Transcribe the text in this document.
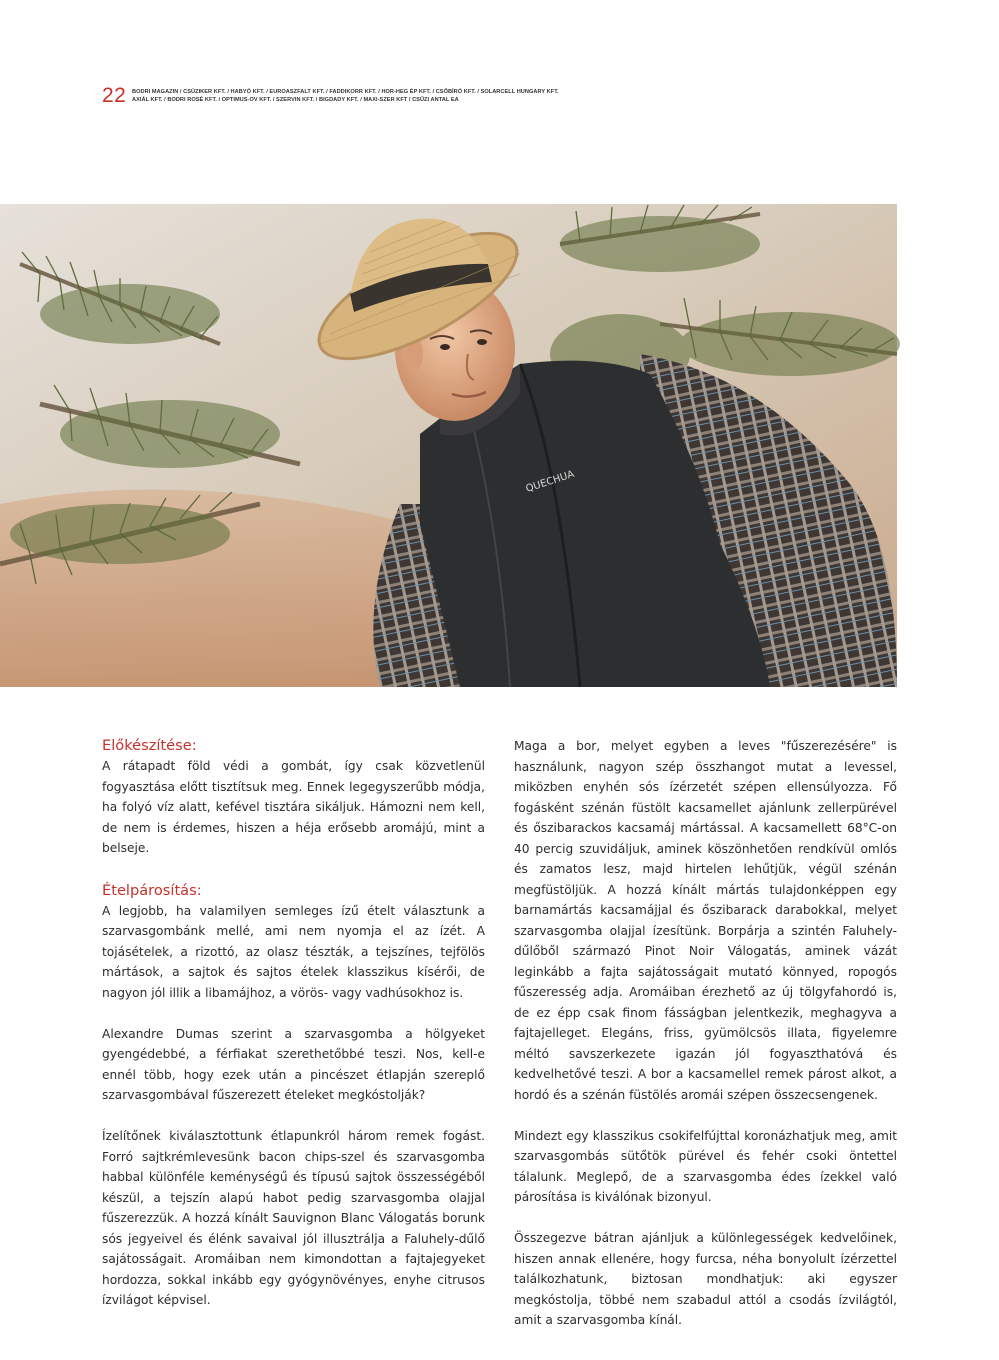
22 BODRI MAGAZIN / CSÜZIKER KFT. / HABYÓ KFT. / EUROASZFALT KFT. / FADDIKORR KFT. / HOR-HEG ÉP KFT. / CSŐBÍRÓ KFT. / SOLARCELL HUNGARY KFT.
AXIÁL KFT. / BODRI ROSÉ KFT. / OPTIMUS-OV KFT. / SZERVIN KFT. / BIGDADY KFT. / MAXI-SZER KFT / CSŰZI ANTAL EA
QUECHUA
Előkészítése:

A rátapadt föld védi a gombát, így csak közvetlenül fogyasztása előtt tisztítsuk meg. Ennek legegyszerűbb módja, ha folyó víz alatt, kefével tisztára sikáljuk. Hámozni nem kell, de nem is érdemes, hiszen a héja erősebb aromájú, mint a belseje.

Ételpárosítás:

A legjobb, ha valamilyen semleges ízű ételt választunk a szarvasgombánk mellé, ami nem nyomja el az ízét. A tojásételek, a rizottó, az olasz tészták, a tejszínes, tejfölös mártások, a sajtok és sajtos ételek klasszikus kísérői, de nagyon jól illik a libamájhoz, a vörös- vagy vadhúsokhoz is.

Alexandre Dumas szerint a szarvasgomba a hölgyeket gyengédebbé, a férfiakat szerethetőbbé teszi. Nos, kell-e ennél több, hogy ezek után a pincészet étlapján szereplő szarvasgombával fűszerezett ételeket megkóstolják?

Ízelítőnek kiválasztottunk étlapunkról három remek fogást. Forró sajtkrémlevesünk bacon chips-szel és szarvasgomba habbal különféle keménységű és típusú sajtok összességéből készül, a tejszín alapú habot pedig szarvasgomba olajjal fűszerezzük. A hozzá kínált Sauvignon Blanc Válogatás borunk sós jegyeivel és élénk savaival jól illusztrálja a Faluhely-dűlő sajátosságait. Aromáiban nem kimondottan a fajtajegyeket hordozza, sokkal inkább egy gyógynövényes, enyhe citrusos ízvilágot képvisel.

Maga a bor, melyet egyben a leves "fűszerezésére" is használunk, nagyon szép összhangot mutat a levessel, miközben enyhén sós ízérzetét szépen ellensúlyozza. Fő fogásként szénán füstölt kacsamellet ajánlunk zellerpürével és őszibarackos kacsamáj mártással. A kacsamellett 68°C-on 40 percig szuvidáljuk, aminek köszönhetően rendkívül omlós és zamatos lesz, majd hirtelen lehűtjük, végül szénán megfüstöljük. A hozzá kínált mártás tulajdonképpen egy barnamártás kacsamájjal és őszibarack darabokkal, melyet szarvasgomba olajjal ízesítünk. Borpárja a szintén Faluhely-dűlőből származó Pinot Noir Válogatás, aminek vázát leginkább a fajta sajátosságait mutató könnyed, ropogós fűszeresség adja. Aromáiban érezhető az új tölgyfahordó is, de ez épp csak finom fásságban jelentkezik, meghagyva a fajtajelleget. Elegáns, friss, gyümölcsös illata, figyelemre méltó savszerkezete igazán jól fogyaszthatóvá és kedvelhetővé teszi. A bor a kacsamellel remek párost alkot, a hordó és a szénán füstölés aromái szépen összecsengenek.

Mindezt egy klasszikus csokifelfújttal koronázhatjuk meg, amit szarvasgombás sütőtök pürével és fehér csoki öntettel tálalunk. Meglepő, de a szarvasgomba édes ízekkel való párosítása is kiválónak bizonyul.

Összegezve bátran ajánljuk a különlegességek kedvelőinek, hiszen annak ellenére, hogy furcsa, néha bonyolult ízérzettel találkozhatunk, biztosan mondhatjuk: aki egyszer megkóstolja, többé nem szabadul attól a csodás ízvilágtól, amit a szarvasgomba kínál.
